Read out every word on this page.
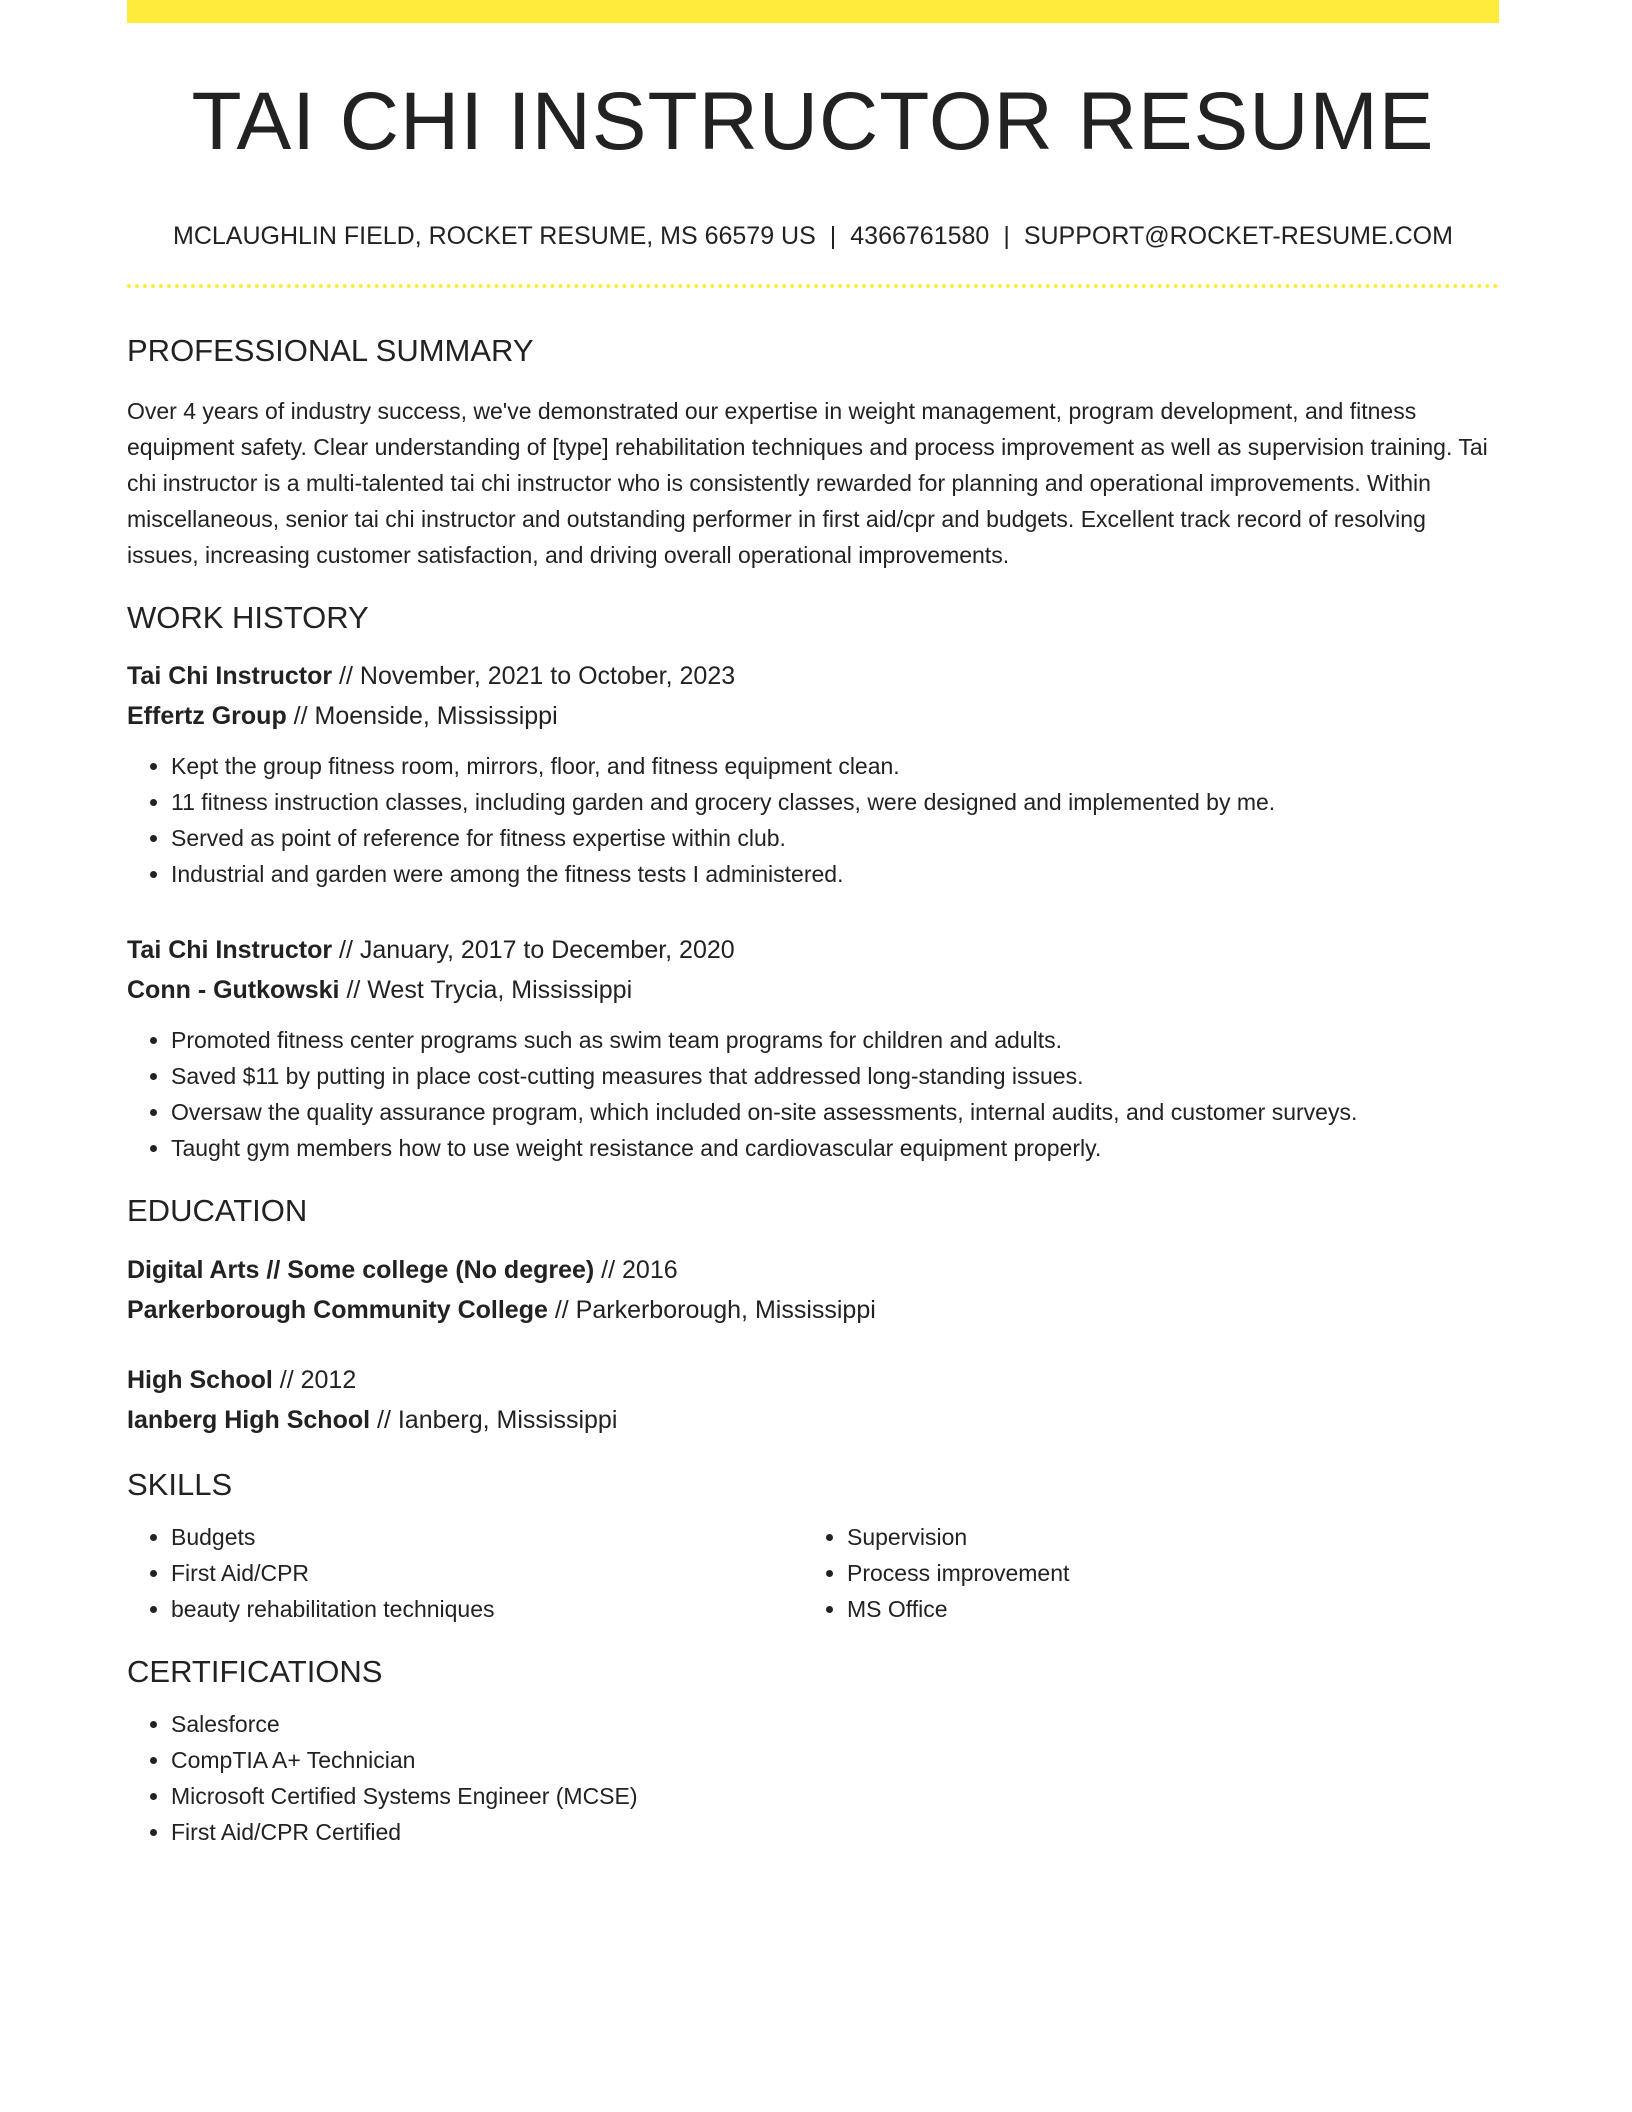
TAI CHI INSTRUCTOR RESUME
MCLAUGHLIN FIELD, ROCKET RESUME, MS 66579 US | 4366761580 | SUPPORT@ROCKET-RESUME.COM
PROFESSIONAL SUMMARY
Over 4 years of industry success, we've demonstrated our expertise in weight management, program development, and fitness equipment safety. Clear understanding of [type] rehabilitation techniques and process improvement as well as supervision training. Tai chi instructor is a multi-talented tai chi instructor who is consistently rewarded for planning and operational improvements. Within miscellaneous, senior tai chi instructor and outstanding performer in first aid/cpr and budgets. Excellent track record of resolving issues, increasing customer satisfaction, and driving overall operational improvements.
WORK HISTORY
Tai Chi Instructor // November, 2021 to October, 2023
Effertz Group // Moenside, Mississippi
• Kept the group fitness room, mirrors, floor, and fitness equipment clean.
• 11 fitness instruction classes, including garden and grocery classes, were designed and implemented by me.
• Served as point of reference for fitness expertise within club.
• Industrial and garden were among the fitness tests I administered.
Tai Chi Instructor // January, 2017 to December, 2020
Conn - Gutkowski // West Trycia, Mississippi
• Promoted fitness center programs such as swim team programs for children and adults.
• Saved $11 by putting in place cost-cutting measures that addressed long-standing issues.
• Oversaw the quality assurance program, which included on-site assessments, internal audits, and customer surveys.
• Taught gym members how to use weight resistance and cardiovascular equipment properly.
EDUCATION
Digital Arts // Some college (No degree) // 2016
Parkerborough Community College // Parkerborough, Mississippi
High School // 2012
Ianberg High School // Ianberg, Mississippi
SKILLS
• Budgets
• First Aid/CPR
• beauty rehabilitation techniques
• Supervision
• Process improvement
• MS Office
CERTIFICATIONS
• Salesforce
• CompTIA A+ Technician
• Microsoft Certified Systems Engineer (MCSE)
• First Aid/CPR Certified
